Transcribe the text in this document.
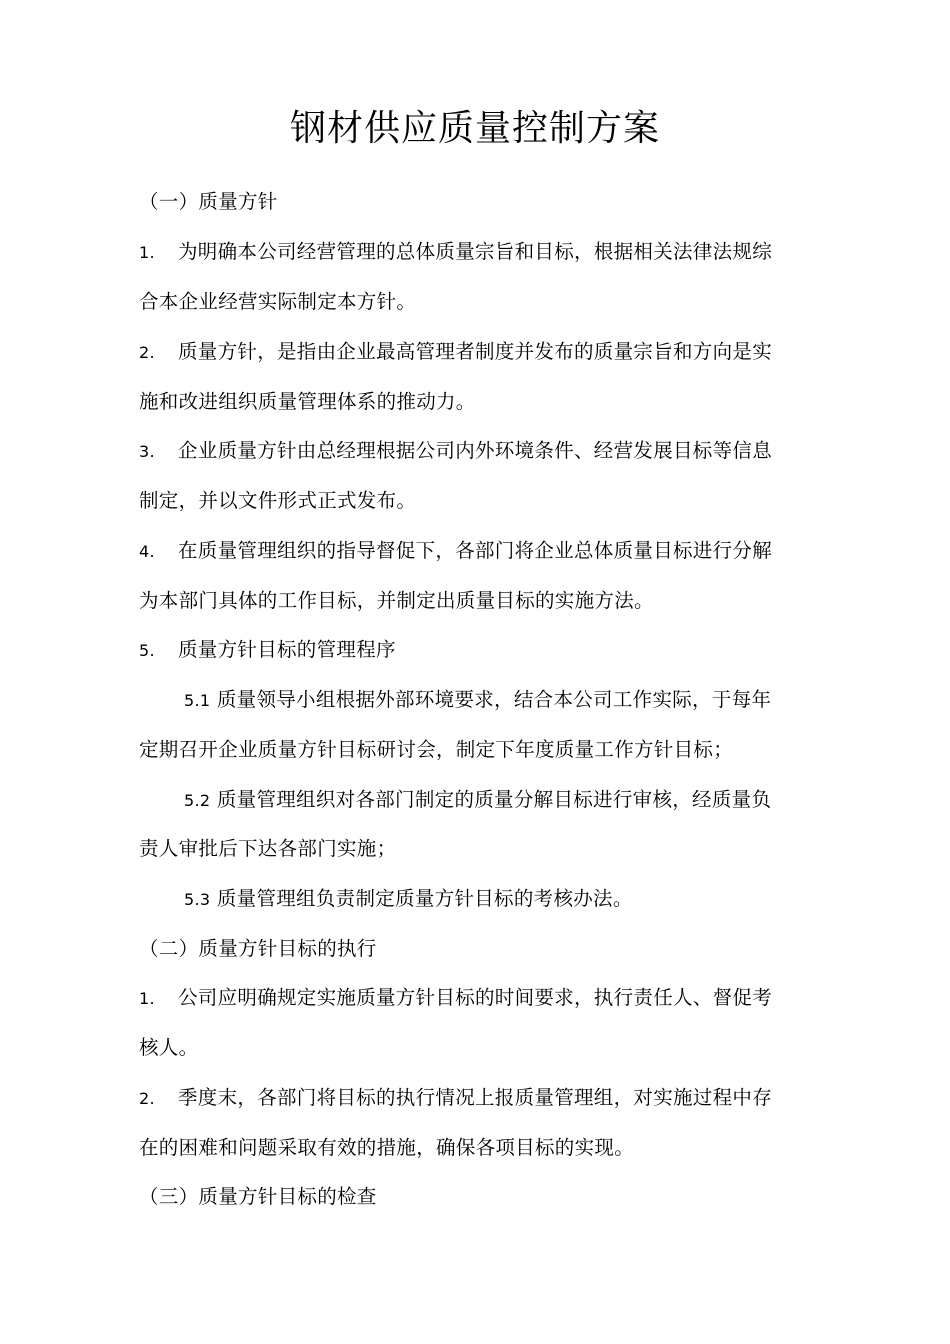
钢材供应质量控制方案
（一）质量方针
1. 为明确本公司经营管理的总体质量宗旨和目标，根据相关法律法规综
合本企业经营实际制定本方针。
2. 质量方针，是指由企业最高管理者制度并发布的质量宗旨和方向是实
施和改进组织质量管理体系的推动力。
3. 企业质量方针由总经理根据公司内外环境条件、经营发展目标等信息
制定，并以文件形式正式发布。
4. 在质量管理组织的指导督促下，各部门将企业总体质量目标进行分解
为本部门具体的工作目标，并制定出质量目标的实施方法。
5. 质量方针目标的管理程序
5.1 质量领导小组根据外部环境要求，结合本公司工作实际，于每年
定期召开企业质量方针目标研讨会，制定下年度质量工作方针目标；
5.2 质量管理组织对各部门制定的质量分解目标进行审核，经质量负
责人审批后下达各部门实施；
5.3 质量管理组负责制定质量方针目标的考核办法。
（二）质量方针目标的执行
1. 公司应明确规定实施质量方针目标的时间要求，执行责任人、督促考
核人。
2. 季度末，各部门将目标的执行情况上报质量管理组，对实施过程中存
在的困难和问题采取有效的措施，确保各项目标的实现。
（三）质量方针目标的检查
